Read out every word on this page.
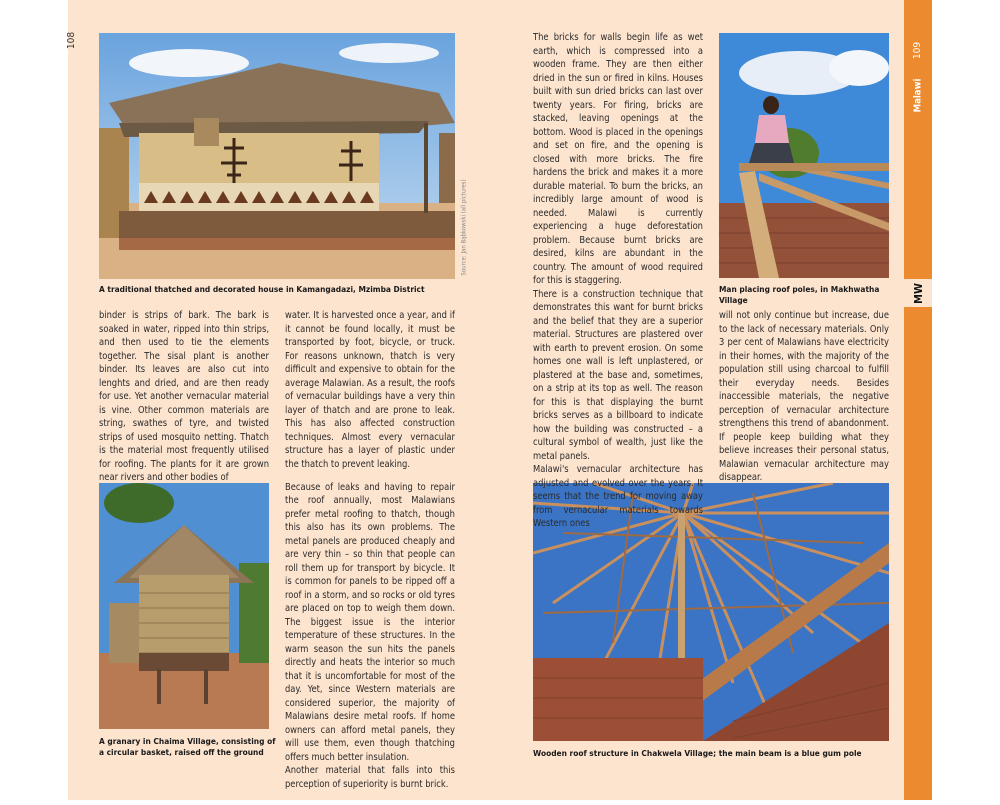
108
109
Malawi
MW
Source: Jan Bąbkowski (all pictures)
A traditional thatched and decorated house in Kamangadazi, Mzimba District
A granary in Chaima Village, consisting of a circular basket, raised off the ground
Man placing roof poles, in Makhwatha Village
Wooden roof structure in Chakwela Village; the main beam is a blue gum pole

binder is strips of bark. The bark is soaked in water, ripped into thin strips, and then used to tie the elements together. The sisal plant is another binder. Its leaves are also cut into lenghts and dried, and are then ready for use. Yet another vernacular material is vine. Other common materials are string, swathes of tyre, and twisted strips of used mosquito netting. Thatch is the material most frequently utilised for roofing. The plants for it are grown near rivers and other bodies of

water. It is harvested once a year, and if it cannot be found locally, it must be transported by foot, bicycle, or truck. For reasons unknown, thatch is very difficult and expensive to obtain for the average Malawian. As a result, the roofs of vernacular buildings have a very thin layer of thatch and are prone to leak. This has also affected construction techniques. Almost every vernacular structure has a layer of plastic under the thatch to prevent leaking.

Because of leaks and having to repair the roof annually, most Malawians prefer metal roofing to thatch, though this also has its own problems. The metal panels are produced cheaply and are very thin – so thin that people can roll them up for transport by bicycle. It is common for panels to be ripped off a roof in a storm, and so rocks or old tyres are placed on top to weigh them down. The biggest issue is the interior temperature of these structures. In the warm season the sun hits the panels directly and heats the interior so much that it is uncomfortable for most of the day. Yet, since Western materials are considered superior, the majority of Malawians desire metal roofs. If home owners can afford metal panels, they will use them, even though thatching offers much better insulation.
Another material that falls into this perception of superiority is burnt brick.

The bricks for walls begin life as wet earth, which is compressed into a wooden frame. They are then either dried in the sun or fired in kilns. Houses built with sun dried bricks can last over twenty years. For firing, bricks are stacked, leaving openings at the bottom. Wood is placed in the openings and set on fire, and the opening is closed with more bricks. The fire hardens the brick and makes it a more durable material. To burn the bricks, an incredibly large amount of wood is needed. Malawi is currently experiencing a huge deforestation problem. Because burnt bricks are desired, kilns are abundant in the country. The amount of wood required for this is staggering.

There is a construction technique that demonstrates this want for burnt bricks and the belief that they are a superior material. Structures are plastered over with earth to prevent erosion. On some homes one wall is left unplastered, or plastered at the base and, sometimes, on a strip at its top as well. The reason for this is that displaying the burnt bricks serves as a billboard to indicate how the building was constructed – a cultural symbol of wealth, just like the metal panels.

Malawi's vernacular architecture has adjusted and evolved over the years. It seems that the trend for moving away from vernacular materials towards Western ones

will not only continue but increase, due to the lack of necessary materials. Only 3 per cent of Malawians have electricity in their homes, with the majority of the population still using charcoal to fulfill their everyday needs. Besides inaccessible materials, the negative perception of vernacular architecture strengthens this trend of abandonment. If people keep building what they believe increases their personal status, Malawian vernacular architecture may disappear.
